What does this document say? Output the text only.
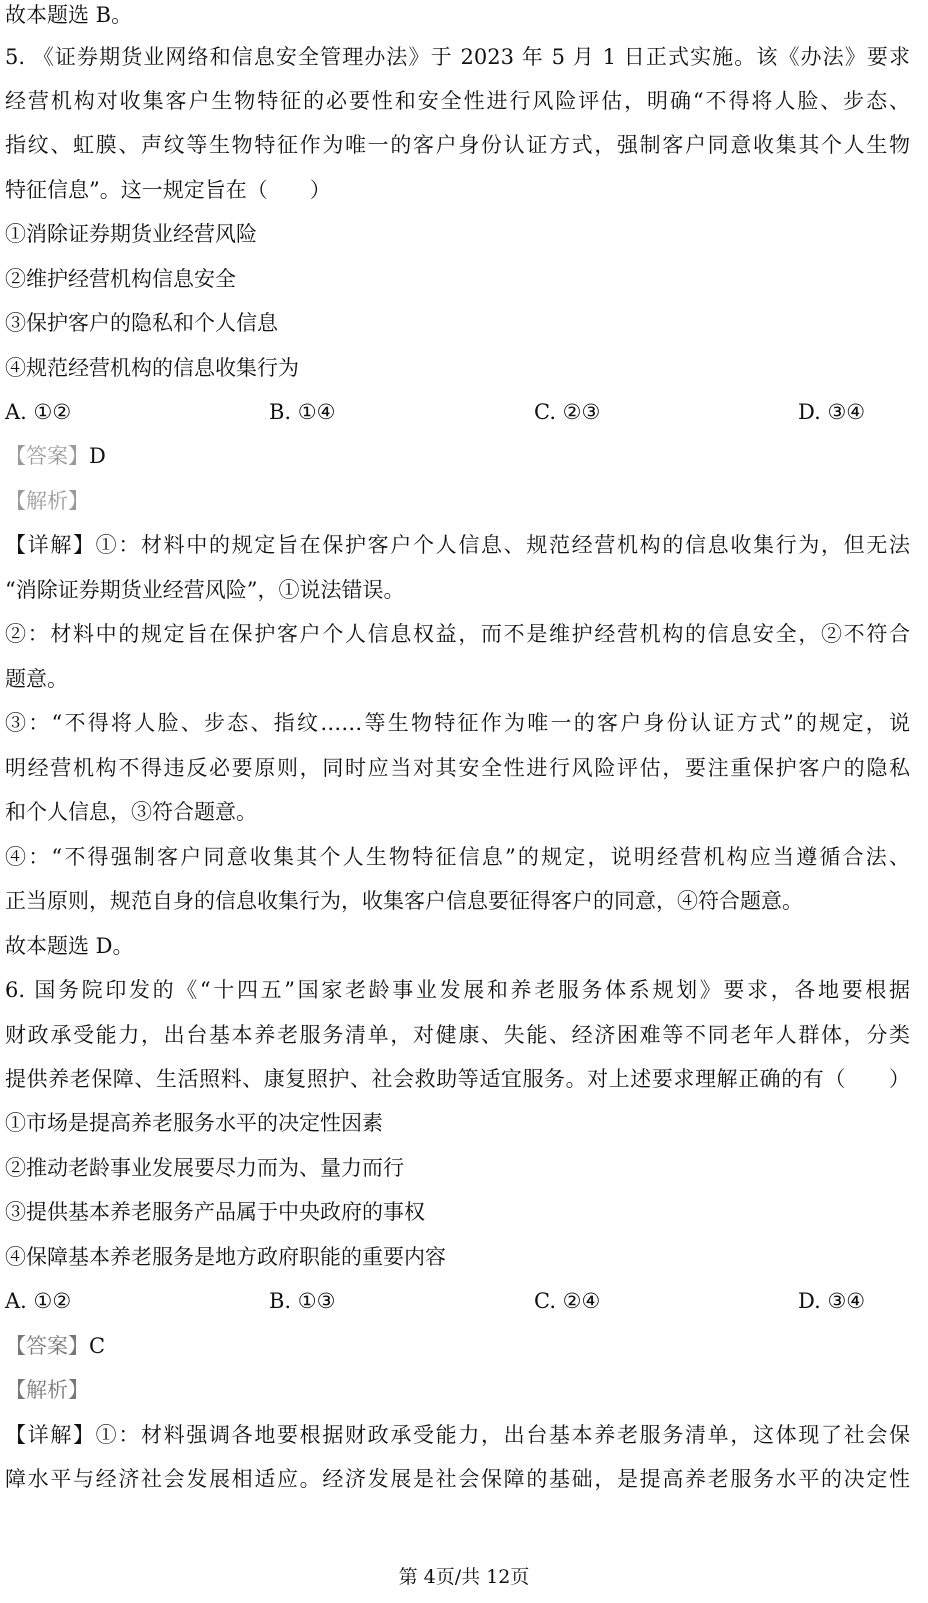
故本题选 B。
5. 《证券期货业网络和信息安全管理办法》于 2023 年 5 月 1 日正式实施。该《办法》要求
经营机构对收集客户生物特征的必要性和安全性进行风险评估，明确“不得将人脸、步态、
指纹、虹膜、声纹等生物特征作为唯一的客户身份认证方式，强制客户同意收集其个人生物
特征信息”。这一规定旨在（　　）
①消除证券期货业经营风险
②维护经营机构信息安全
③保护客户的隐私和个人信息
④规范经营机构的信息收集行为
A. ①②	B. ①④	C. ②③	D. ③④
【答案】D
【解析】
【详解】①：材料中的规定旨在保护客户个人信息、规范经营机构的信息收集行为，但无法
“消除证券期货业经营风险”，①说法错误。
②：材料中的规定旨在保护客户个人信息权益，而不是维护经营机构的信息安全，②不符合
题意。
③：“不得将人脸、步态、指纹……等生物特征作为唯一的客户身份认证方式”的规定，说
明经营机构不得违反必要原则，同时应当对其安全性进行风险评估，要注重保护客户的隐私
和个人信息，③符合题意。
④：“不得强制客户同意收集其个人生物特征信息”的规定，说明经营机构应当遵循合法、
正当原则，规范自身的信息收集行为，收集客户信息要征得客户的同意，④符合题意。
故本题选 D。
6. 国务院印发的《“十四五”国家老龄事业发展和养老服务体系规划》要求，各地要根据
财政承受能力，出台基本养老服务清单，对健康、失能、经济困难等不同老年人群体，分类
提供养老保障、生活照料、康复照护、社会救助等适宜服务。对上述要求理解正确的有（　　）
①市场是提高养老服务水平的决定性因素
②推动老龄事业发展要尽力而为、量力而行
③提供基本养老服务产品属于中央政府的事权
④保障基本养老服务是地方政府职能的重要内容
A. ①②	B. ①③	C. ②④	D. ③④
【答案】C
【解析】
【详解】①：材料强调各地要根据财政承受能力，出台基本养老服务清单，这体现了社会保
障水平与经济社会发展相适应。经济发展是社会保障的基础，是提高养老服务水平的决定性
第 4页/共 12页
